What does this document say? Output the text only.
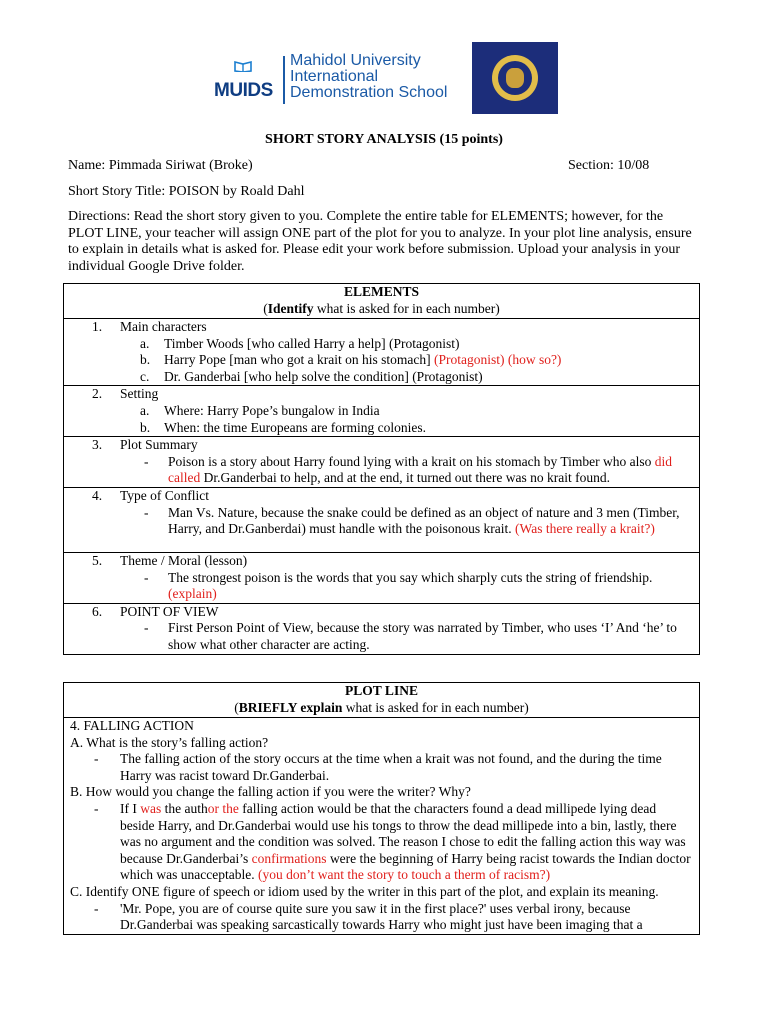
MUIDS
Mahidol University
International
Demonstration School
SHORT STORY ANALYSIS (15 points)
Name: Pimmada Siriwat (Broke)	Section: 10/08
Short Story Title: POISON by Roald Dahl
Directions: Read the short story given to you. Complete the entire table for ELEMENTS; however, for the PLOT LINE, your teacher will assign ONE part of the plot for you to analyze. In your plot line analysis, ensure to explain in details what is asked for. Please edit your work before submission. Upload your analysis in your individual Google Drive folder.
ELEMENTS
(Identify what is asked for in each number)

1.	Main characters
a.	Timber Woods [who called Harry a help] (Protagonist)
b.	Harry Pope [man who got a krait on his stomach] (Protagonist) (how so?)
c.	Dr. Ganderbai [who help solve the condition] (Protagonist)

2.	Setting
a.	Where: Harry Pope’s bungalow in India
b.	When: the time Europeans are forming colonies.

3.	Plot Summary
-	Poison is a story about Harry found lying with a krait on his stomach by Timber who also did called Dr.Ganderbai to help, and at the end, it turned out there was no krait found.

4.	Type of Conflict
-	Man Vs. Nature, because the snake could be defined as an object of nature and 3 men (Timber, Harry, and Dr.Ganberdai) must handle with the poisonous krait. (Was there really a krait?)

5.	Theme / Moral (lesson)
-	The strongest poison is the words that you say which sharply cuts the string of friendship. (explain)

6.	POINT OF VIEW
-	First Person Point of View, because the story was narrated by Timber, who uses ‘I’ And ‘he’ to show what other character are acting.
PLOT LINE
(BRIEFLY explain what is asked for in each number)

4. FALLING ACTION
A. What is the story’s falling action?
-	The falling action of the story occurs at the time when a krait was not found, and the during the time Harry was racist toward Dr.Ganderbai.
B. How would you change the falling action if you were the writer? Why?
-	If I was the author the falling action would be that the characters found a dead millipede lying dead beside Harry, and Dr.Ganderbai would use his tongs to throw the dead millipede into a bin, lastly, there was no argument and the condition was solved. The reason I chose to edit the falling action this way was because Dr.Ganderbai’s confirmations were the beginning of Harry being racist towards the Indian doctor which was unacceptable. (you don’t want the story to touch a therm of racism?)
C. Identify ONE figure of speech or idiom used by the writer in this part of the plot, and explain its meaning.
-	'Mr. Pope, you are of course quite sure you saw it in the first place?' uses verbal irony, because Dr.Ganderbai was speaking sarcastically towards Harry who might just have been imaging that a
